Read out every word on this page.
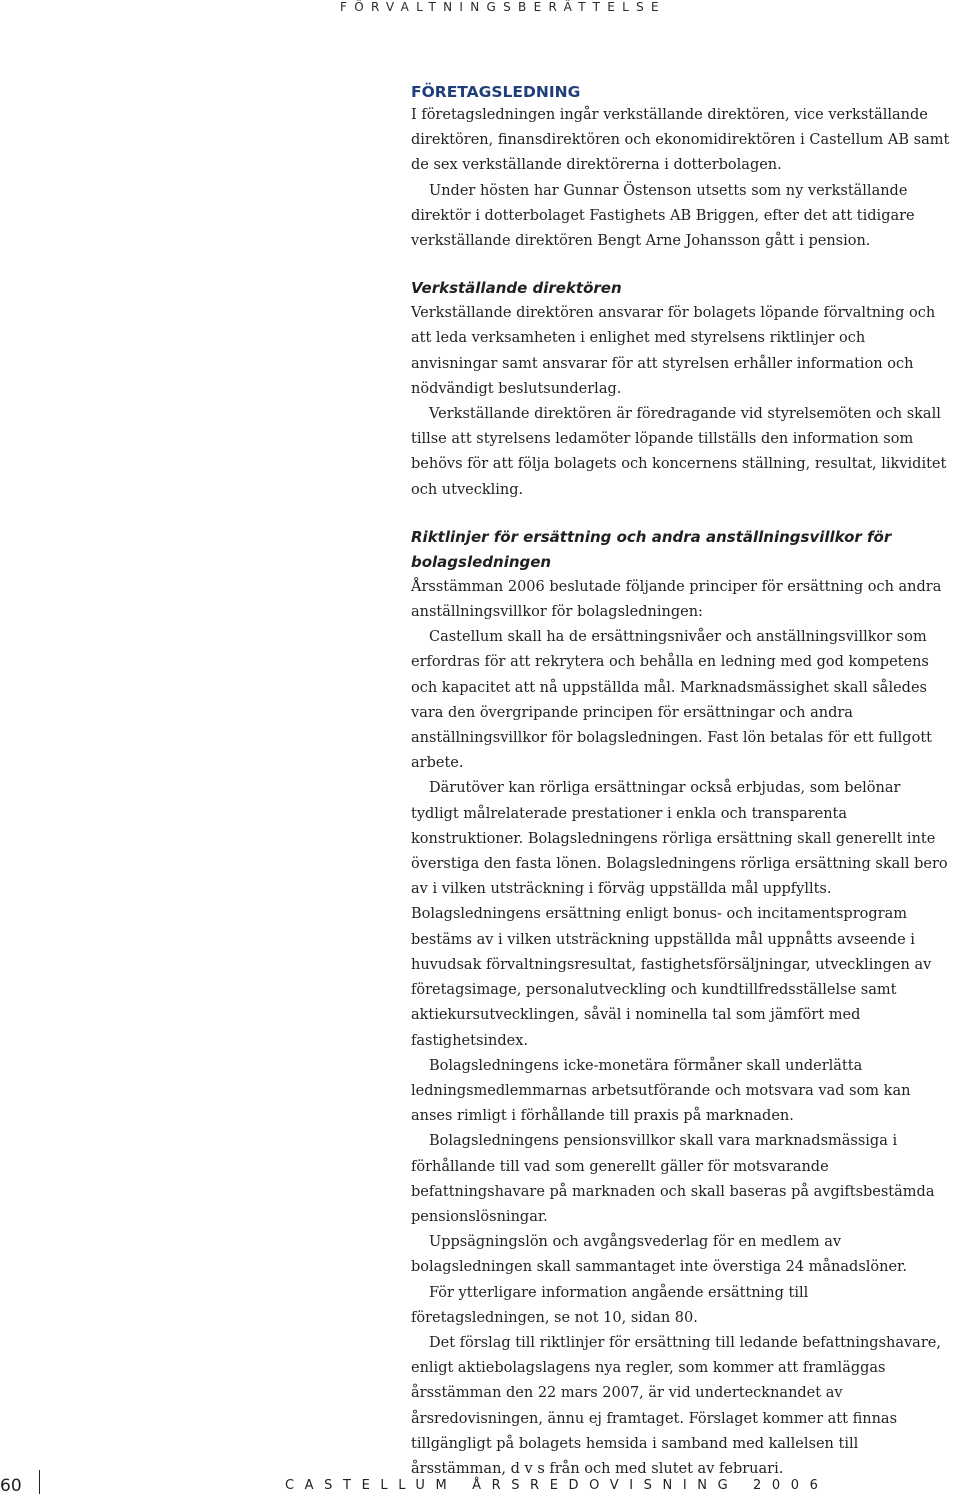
FÖRVALTNINGSBERÄTTELSE
FÖRETAGSLEDNING

I företagsledningen ingår verkställande direktören, vice verkställande direktören, finansdirektören och ekonomidirektören i Castellum AB samt de sex verkställande direktörerna i dotterbolagen.

Under hösten har Gunnar Östenson utsetts som ny verkställande direktör i dotterbolaget Fastighets AB Briggen, efter det att tidigare verkställande direktören Bengt Arne Johansson gått i pension.

Verkställande direktören

Verkställande direktören ansvarar för bolagets löpande förvaltning och att leda verksamheten i enlighet med styrelsens riktlinjer och anvisningar samt ansvarar för att styrelsen erhåller information och nödvändigt beslutsunderlag.

Verkställande direktören är föredragande vid styrelsemöten och skall tillse att styrelsens ledamöter löpande tillställs den information som behövs för att följa bolagets och koncernens ställning, resultat, likviditet och utveckling.

Riktlinjer för ersättning och andra anställningsvillkor för bolagsledningen

Årsstämman 2006 beslutade följande principer för ersättning och andra anställningsvillkor för bolagsledningen:

Castellum skall ha de ersättningsnivåer och anställningsvillkor som erfordras för att rekrytera och behålla en ledning med god kompetens och kapacitet att nå uppställda mål. Marknadsmässighet skall således vara den övergripande principen för ersättningar och andra anställningsvillkor för bolagsledningen. Fast lön betalas för ett fullgott arbete.

Därutöver kan rörliga ersättningar också erbjudas, som belönar tydligt målrelaterade prestationer i enkla och transparenta konstruktioner. Bolagsledningens rörliga ersättning skall generellt inte överstiga den fasta lönen. Bolagsledningens rörliga ersättning skall bero av i vilken utsträckning i förväg uppställda mål uppfyllts. Bolagsledningens ersättning enligt bonus- och incitamentsprogram bestäms av i vilken utsträckning uppställda mål uppnåtts avseende i huvudsak förvaltningsresultat, fastighetsförsäljningar, utvecklingen av företagsimage, personalutveckling och kundtillfredsställelse samt aktiekursutvecklingen, såväl i nominella tal som jämfört med fastighetsindex.

Bolagsledningens icke-monetära förmåner skall underlätta ledningsmedlemmarnas arbetsutförande och motsvara vad som kan anses rimligt i förhållande till praxis på marknaden.

Bolagsledningens pensionsvillkor skall vara marknadsmässiga i förhållande till vad som generellt gäller för motsvarande befattningshavare på marknaden och skall baseras på avgiftsbestämda pensionslösningar.

Uppsägningslön och avgångsvederlag för en medlem av bolagsledningen skall sammantaget inte överstiga 24 månadslöner.

För ytterligare information angående ersättning till företagsledningen, se not 10, sidan 80.

Det förslag till riktlinjer för ersättning till ledande befattningshavare, enligt aktiebolagslagens nya regler, som kommer att framläggas årsstämman den 22 mars 2007, är vid undertecknandet av årsredovisningen, ännu ej framtaget. Förslaget kommer att finnas tillgängligt på bolagets hemsida i samband med kallelsen till årsstämman, d v s från och med slutet av februari.

60	CASTELLUM ÅRSREDOVISNING 2006
